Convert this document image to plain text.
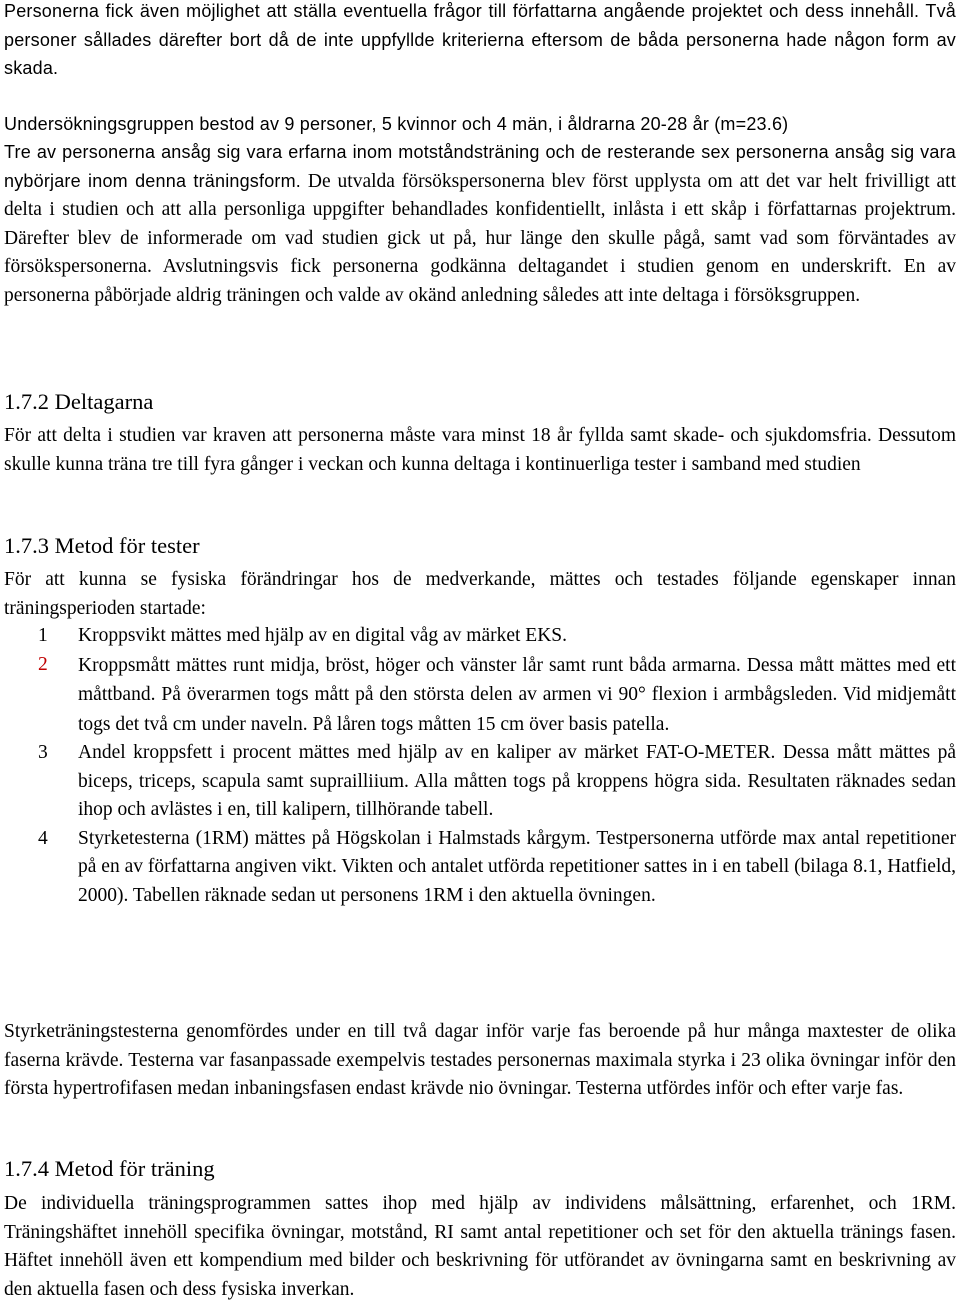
Personerna fick även möjlighet att ställa eventuella frågor till författarna angående projektet och dess innehåll. Två personer sållades därefter bort då de inte uppfyllde kriterierna eftersom de båda personerna hade någon form av skada.

Undersökningsgruppen bestod av 9 personer, 5 kvinnor och 4 män, i åldrarna 20-28 år (m=23.6)

Tre av personerna ansåg sig vara erfarna inom motståndsträning och de resterande sex personerna ansåg sig vara nybörjare inom denna träningsform. De utvalda försökspersonerna blev först upplysta om att det var helt frivilligt att delta i studien och att alla personliga uppgifter behandlades konfidentiellt, inlåsta i ett skåp i författarnas projektrum. Därefter blev de informerade om vad studien gick ut på, hur länge den skulle pågå, samt vad som förväntades av försökspersonerna. Avslutningsvis fick personerna godkänna deltagandet i studien genom en underskrift. En av personerna påbörjade aldrig träningen och valde av okänd anledning således att inte deltaga i försöksgruppen.

1.7.2 Deltagarna

För att delta i studien var kraven att personerna måste vara minst 18 år fyllda samt skade- och sjukdomsfria. Dessutom skulle kunna träna tre till fyra gånger i veckan och kunna deltaga i kontinuerliga tester i samband med studien

1.7.3 Metod för tester

För att kunna se fysiska förändringar hos de medverkande, mättes och testades följande egenskaper innan träningsperioden startade:

1	Kroppsvikt mättes med hjälp av en digital våg av märket EKS.
2	Kroppsmått mättes runt midja, bröst, höger och vänster lår samt runt båda armarna. Dessa mått mättes med ett måttband. På överarmen togs mått på den största delen av armen vi 90° flexion i armbågsleden. Vid midjemått togs det två cm under naveln. På låren togs måtten 15 cm över basis patella.
3	Andel kroppsfett i procent mättes med hjälp av en kaliper av märket FAT-O-METER. Dessa mått mättes på biceps, triceps, scapula samt suprailliium. Alla måtten togs på kroppens högra sida. Resultaten räknades sedan ihop och avlästes i en, till kalipern, tillhörande tabell.
4	Styrketesterna (1RM) mättes på Högskolan i Halmstads kårgym. Testpersonerna utförde max antal repetitioner på en av författarna angiven vikt. Vikten och antalet utförda repetitioner sattes in i en tabell (bilaga 8.1, Hatfield, 2000). Tabellen räknade sedan ut personens 1RM i den aktuella övningen.

Styrketräningstesterna genomfördes under en till två dagar inför varje fas beroende på hur många maxtester de olika faserna krävde. Testerna var fasanpassade exempelvis testades personernas maximala styrka i 23 olika övningar inför den första hypertrofifasen medan inbaningsfasen endast krävde nio övningar. Testerna utfördes inför och efter varje fas.

1.7.4 Metod för träning

De individuella träningsprogrammen sattes ihop med hjälp av individens målsättning, erfarenhet, och 1RM. Träningshäftet innehöll specifika övningar, motstånd, RI samt antal repetitioner och set för den aktuella tränings fasen. Häftet innehöll även ett kompendium med bilder och beskrivning för utförandet av övningarna samt en beskrivning av den aktuella fasen och dess fysiska inverkan.
